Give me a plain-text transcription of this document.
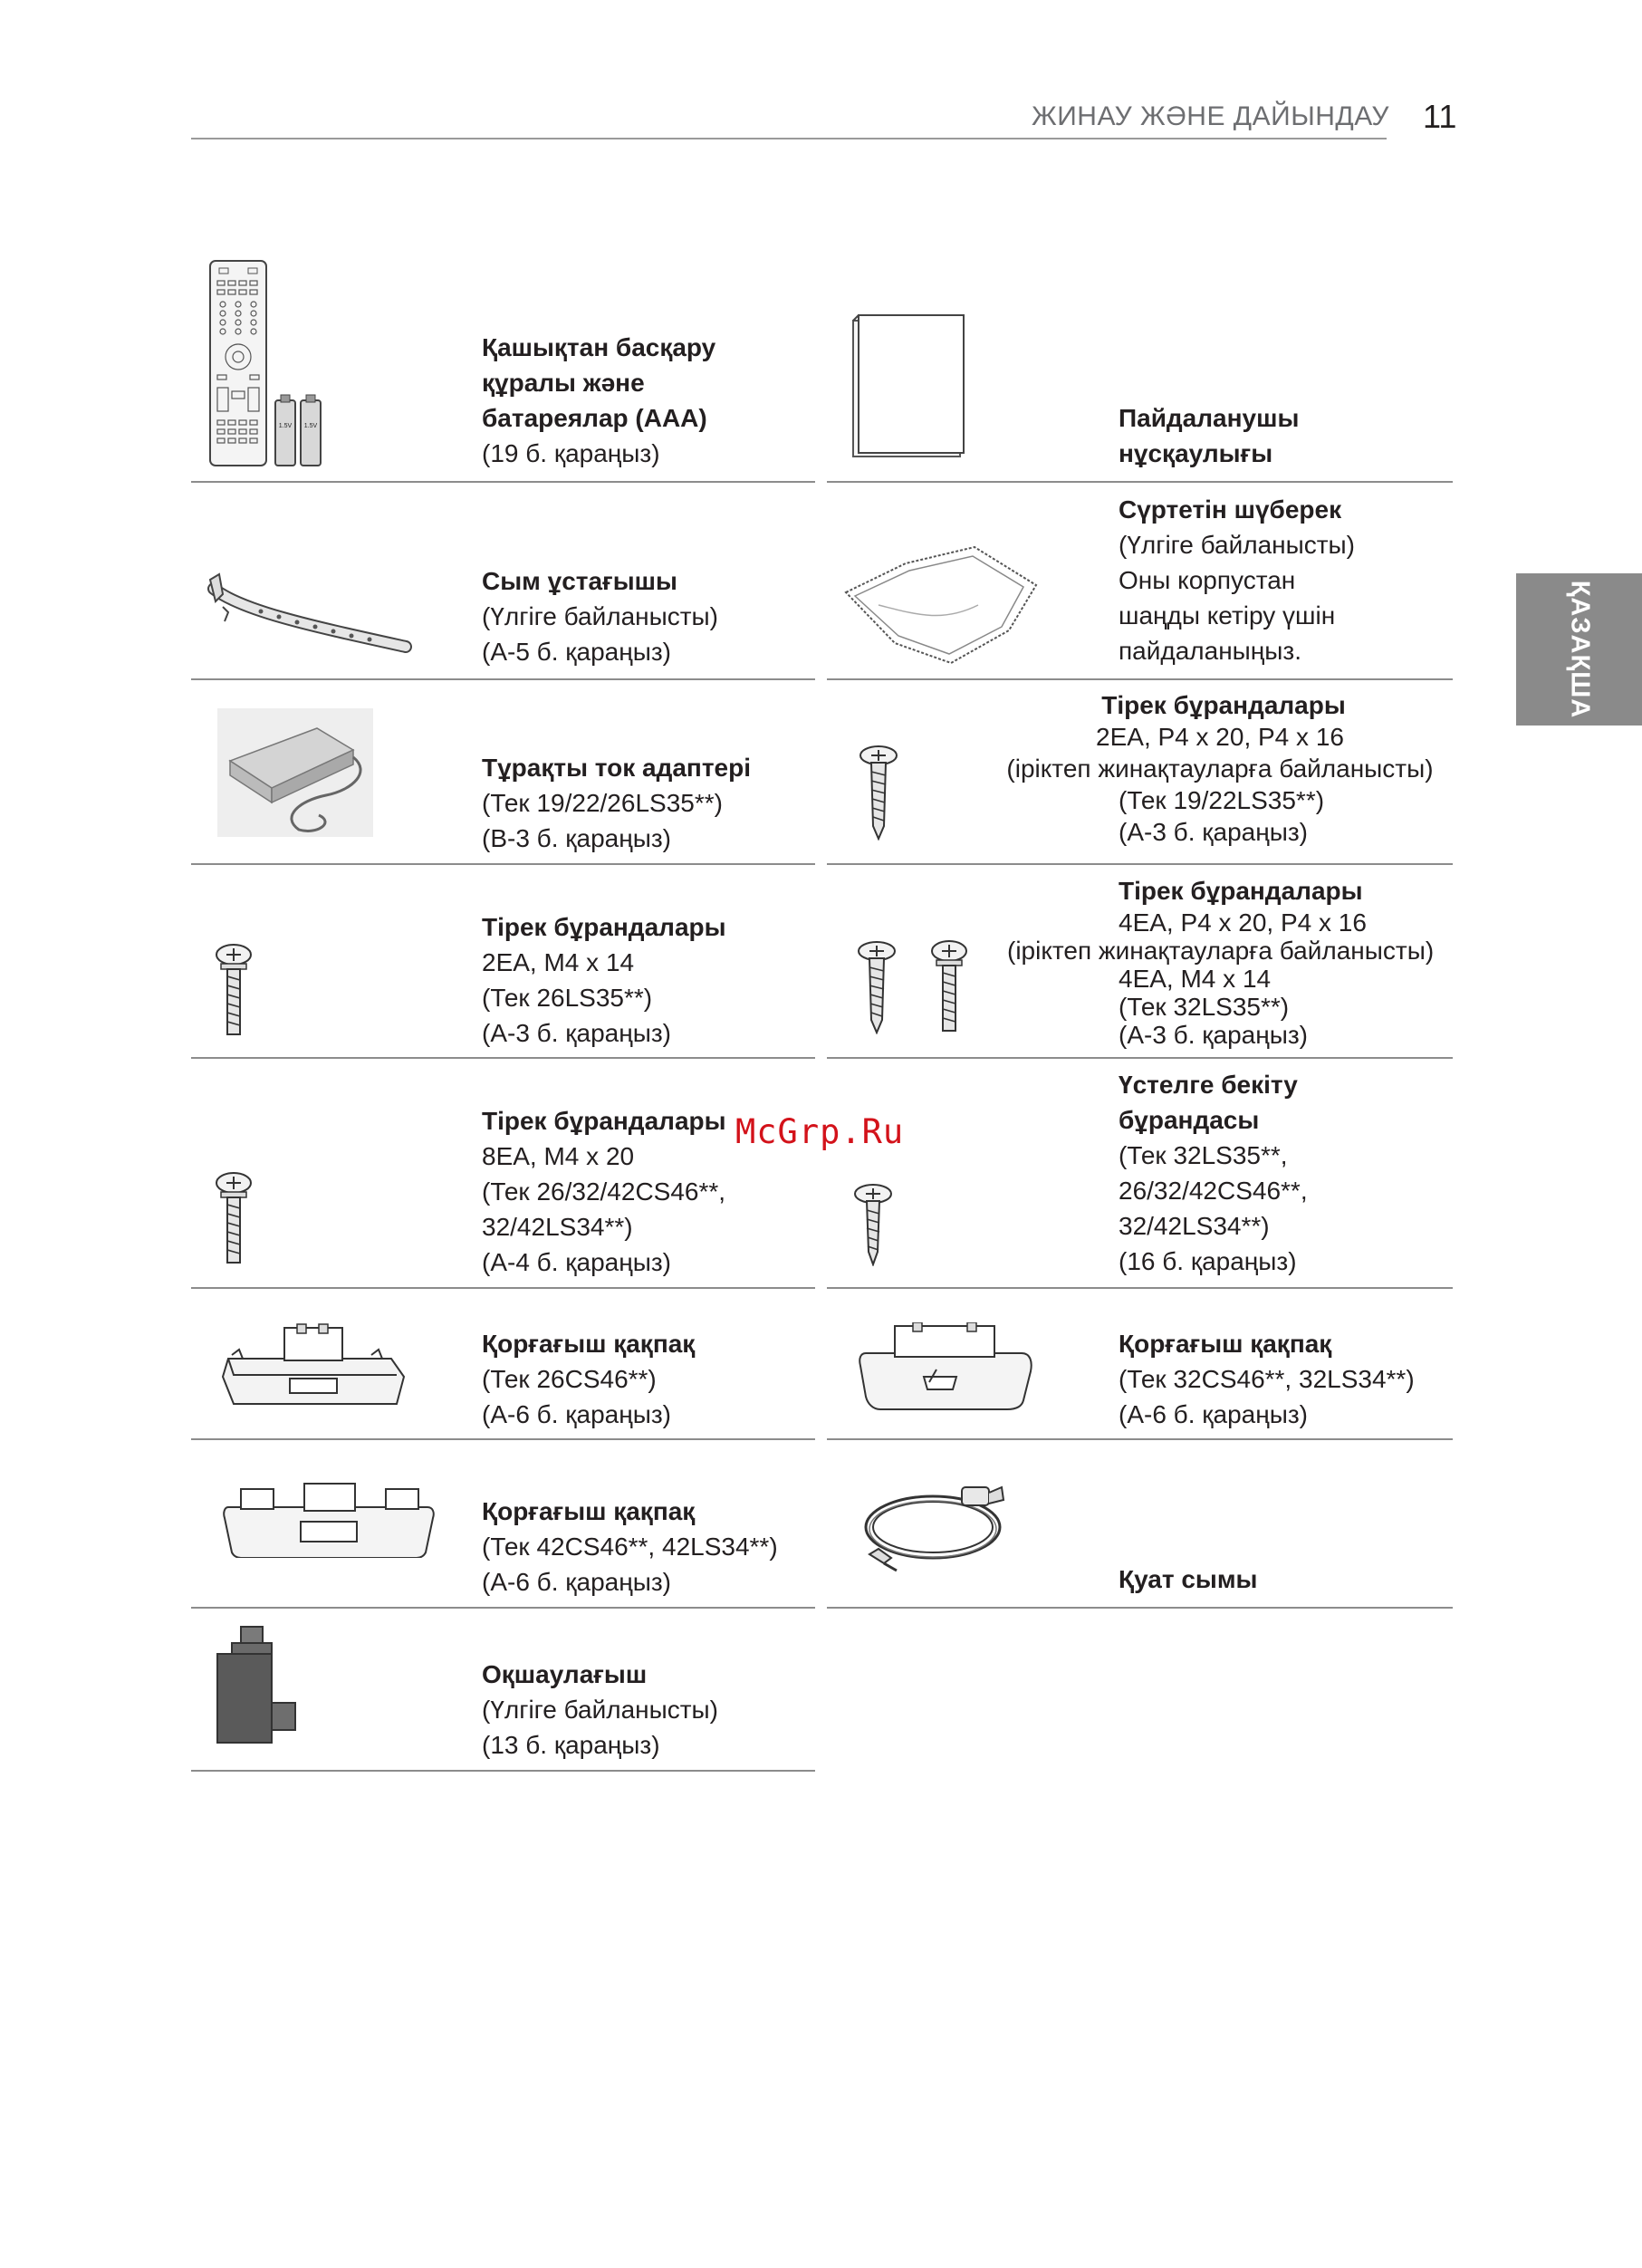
ЖИНАУ ЖӘНЕ ДАЙЫНДАУ 11
ҚАЗАҚША
1.5V 1.5V
Қашықтан басқару
құралы және
батареялар (AAA)
(19 б. қараңыз)
Пайдаланушы
нұсқаулығы
Сым ұстағышы
(Үлгіге байланысты)
(A-5 б. қараңыз)
Сүртетін шүберек
(Үлгіге байланысты)
Оны корпустан
шаңды кетіру үшін
пайдаланыңыз.
Тұрақты ток адаптері
(Тек 19/22/26LS35**)
(B-3 б. қараңыз)
Тірек бұрандалары
2EA, P4 x 20, P4 x 16
(іріктеп жинақтауларға байланысты)
(Тек 19/22LS35**)
(A-3 б. қараңыз)
Тірек бұрандалары
2EA, M4 x 14
(Тек 26LS35**)
(A-3 б. қараңыз)
Тірек бұрандалары
4EA, P4 x 20, P4 x 16
(іріктеп жинақтауларға байланысты)
4EA, M4 x 14
(Тек 32LS35**)
(A-3 б. қараңыз)
Тірек бұрандалары
8EA, M4 x 20
(Тек 26/32/42CS46**,
32/42LS34**)
(A-4 б. қараңыз)
Үстелге бекіту
бұрандасы
(Тек 32LS35**,
26/32/42CS46**,
32/42LS34**)
(16 б. қараңыз)
Қорғағыш қақпақ
(Тек 26CS46**)
(A-6 б. қараңыз)
Қорғағыш қақпақ
(Тек 32CS46**, 32LS34**)
(A-6 б. қараңыз)
Қорғағыш қақпақ
(Тек 42CS46**, 42LS34**)
(A-6 б. қараңыз)	Қуат сымы
Оқшаулағыш
(Үлгіге байланысты)
(13 б. қараңыз)
McGrp.Ru
